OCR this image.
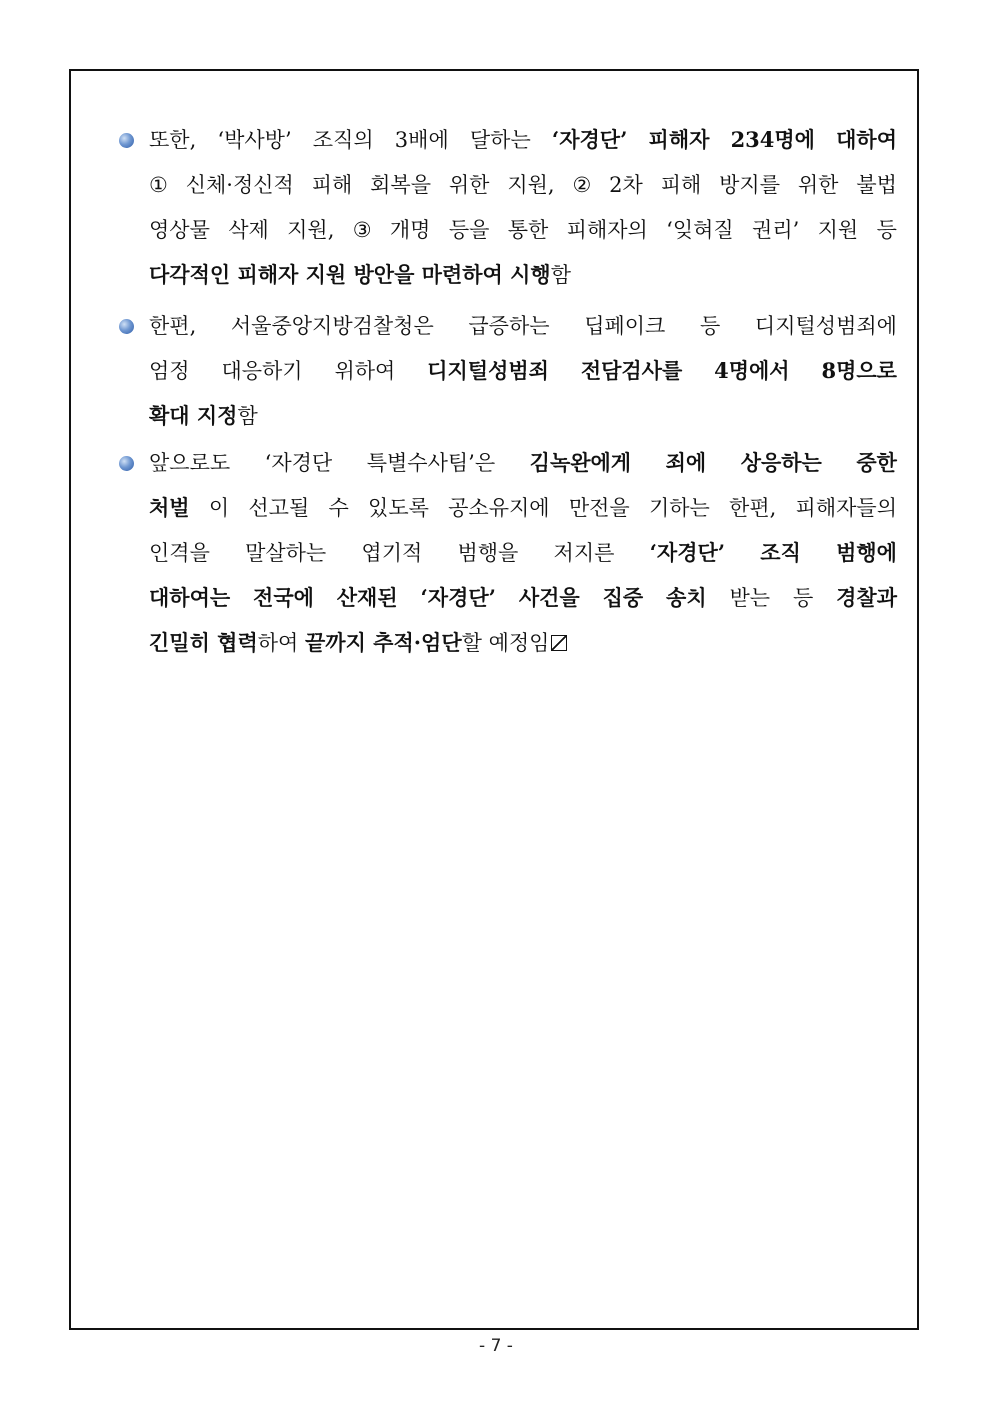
또한, ‘박사방’ 조직의 3배에 달하는 ‘자경단’ 피해자 234명에 대하여
① 신체·정신적 피해 회복을 위한 지원, ② 2차 피해 방지를 위한 불법
영상물 삭제 지원, ③ 개명 등을 통한 피해자의 ‘잊혀질 권리’ 지원 등
다각적인 피해자 지원 방안을 마련하여 시행 함
한편, 서울중앙지방검찰청은 급증하는 딥페이크 등 디지털성범죄에
엄정 대응하기 위하여 디지털성범죄 전담검사를 4명에서 8명으로
확대 지정 함
앞으로도 ‘자경단 특별수사팀’은 김녹완에게 죄에 상응하는 중한
처벌 이 선고될 수 있도록 공소유지에 만전을 기하는 한편, 피해자들의
인격을 말살하는 엽기적 범행을 저지른 ‘자경단’ 조직 범행에
대하여는 전국에 산재된 ‘자경단’ 사건을 집중 송치 받는 등 경찰과
긴밀히 협력 하여 끝까지 추적·엄단 할 예정임
- 7 -
